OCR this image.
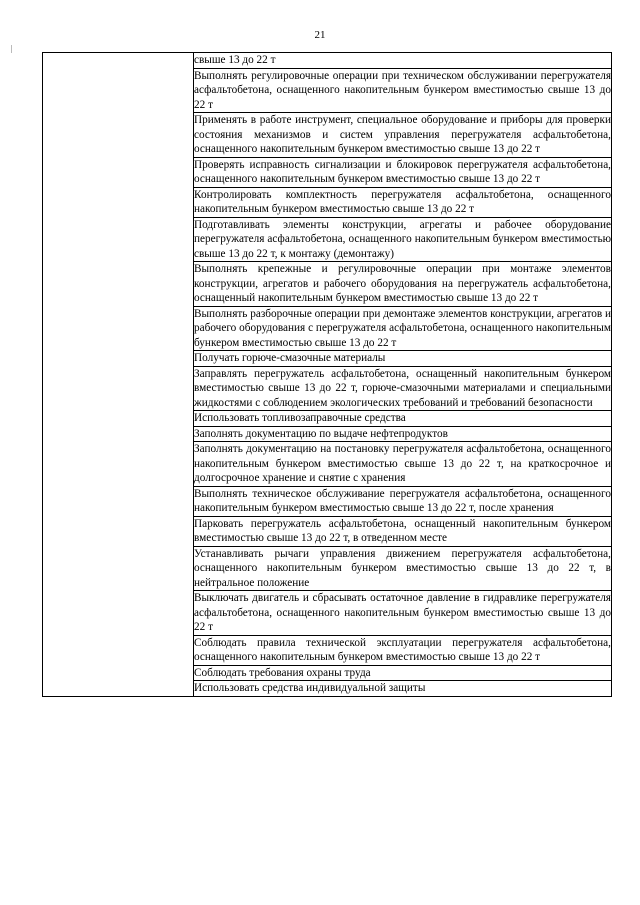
21
	свыше 13 до 22 т
Выполнять регулировочные операции при техническом обслуживании перегружателя асфальтобетона, оснащенного накопительным бункером вместимостью свыше 13 до 22 т
Применять в работе инструмент, специальное оборудование и приборы для проверки состояния механизмов и систем управления перегружателя асфальтобетона, оснащенного накопительным бункером вместимостью свыше 13 до 22 т
Проверять исправность сигнализации и блокировок перегружателя асфальтобетона, оснащенного накопительным бункером вместимостью свыше 13 до 22 т
Контролировать комплектность перегружателя асфальтобетона, оснащенного накопительным бункером вместимостью свыше 13 до 22 т
Подготавливать элементы конструкции, агрегаты и рабочее оборудование перегружателя асфальтобетона, оснащенного накопительным бункером вместимостью свыше 13 до 22 т, к монтажу (демонтажу)
Выполнять крепежные и регулировочные операции при монтаже элементов конструкции, агрегатов и рабочего оборудования на перегружатель асфальтобетона, оснащенный накопительным бункером вместимостью свыше 13 до 22 т
Выполнять разборочные операции при демонтаже элементов конструкции, агрегатов и рабочего оборудования с перегружателя асфальтобетона, оснащенного накопительным бункером вместимостью свыше 13 до 22 т
Получать горюче-смазочные материалы
Заправлять перегружатель асфальтобетона, оснащенный накопительным бункером вместимостью свыше 13 до 22 т, горюче-смазочными материалами и специальными жидкостями с соблюдением экологических требований и требований безопасности
Использовать топливозаправочные средства
Заполнять документацию по выдаче нефтепродуктов
Заполнять документацию на постановку перегружателя асфальтобетона, оснащенного накопительным бункером вместимостью свыше 13 до 22 т, на краткосрочное и долгосрочное хранение и снятие с хранения
Выполнять техническое обслуживание перегружателя асфальтобетона, оснащенного накопительным бункером вместимостью свыше 13 до 22 т, после хранения
Парковать перегружатель асфальтобетона, оснащенный накопительным бункером вместимостью свыше 13 до 22 т, в отведенном месте
Устанавливать рычаги управления движением перегружателя асфальтобетона, оснащенного накопительным бункером вместимостью свыше 13 до 22 т, в нейтральное положение
Выключать двигатель и сбрасывать остаточное давление в гидравлике перегружателя асфальтобетона, оснащенного накопительным бункером вместимостью свыше 13 до 22 т
Соблюдать правила технической эксплуатации перегружателя асфальтобетона, оснащенного накопительным бункером вместимостью свыше 13 до 22 т
Соблюдать требования охраны труда
Использовать средства индивидуальной защиты
